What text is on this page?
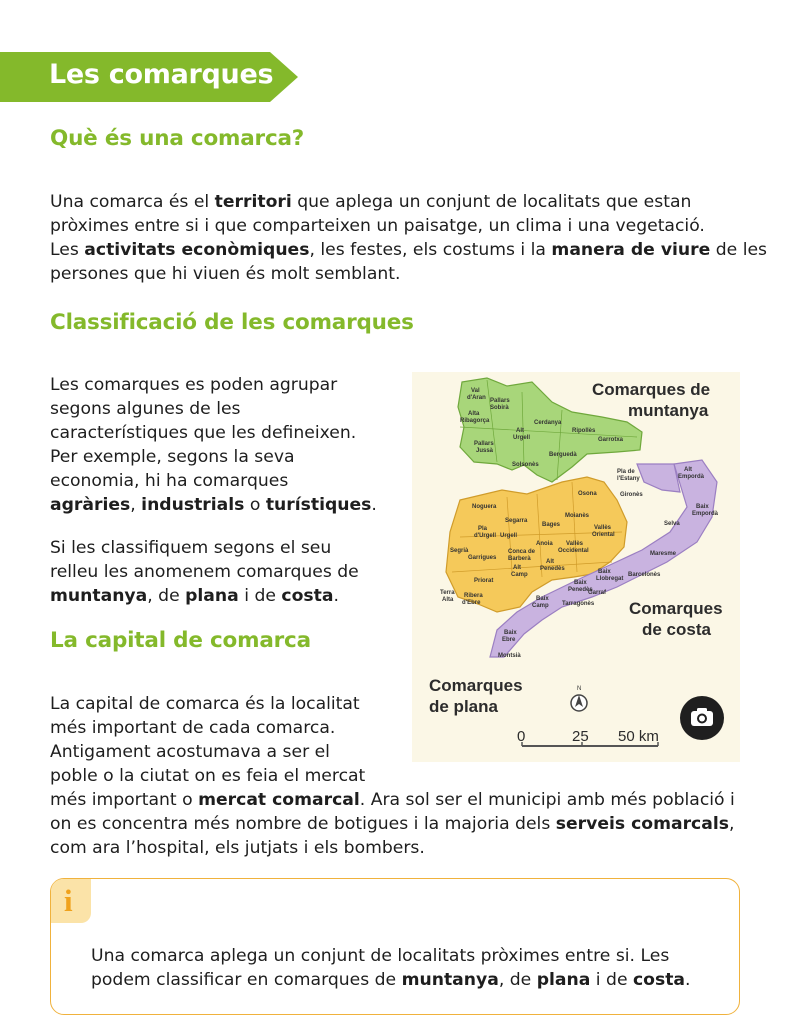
Les comarques
Què és una comarca?
Una comarca és el territori que aplega un conjunt de localitats que estan
pròximes entre si i que comparteixen un paisatge, un clima i una vegetació.
Les activitats econòmiques, les festes, els costums i la manera de viure de les
persones que hi viuen és molt semblant.
Classificació de les comarques
Les comarques es poden agrupar
segons algunes de les
característiques que les defineixen.
Per exemple, segons la seva
economia, hi ha comarques
agràries, industrials o turístiques.
Si les classifiquem segons el seu
relleu les anomenem comarques de
muntanya, de plana i de costa.
La capital de comarca
La capital de comarca és la localitat
més important de cada comarca.
Antigament acostumava a ser el
poble o la ciutat on es feia el mercat
més important o mercat comarcal. Ara sol ser el municipi amb més població i
on es concentra més nombre de botigues i la majoria dels serveis comarcals,
com ara l’hospital, els jutjats i els bombers.
Val
d'Aran Pallars
Sobirà
Alta
Ribagorça	Cerdanya
Ripollès
Alt
Urgell	Garrotxa
Pallars
Jussà
Berguedà
Solsonès
Pla de
l'Estany
Gironès
Alt
Empordà
Baix
Empordà
Osona
Noguera
Segarra
Bages
Moianès
Vallès
Oriental
Selva
Pla
d'Urgell Urgell
Anoia Vallès
Occidental
Segrià
Garrigues
Conca de
Barberà
Maresme
Alt
Penedès
Alt
Camp
Priorat
Baix
Llobregat
Barcelonès
Baix
Penedès
Garraf
Terra
Alta
Ribera
d'Ebre
Baix
Camp Tarragonès
Baix
Ebre
Montsià
N
Comarques de
muntanya
Comarques
de costa
Comarques
de plana
0	25 50 km
i
Una comarca aplega un conjunt de localitats pròximes entre si. Les
podem classificar en comarques de muntanya, de plana i de costa.
